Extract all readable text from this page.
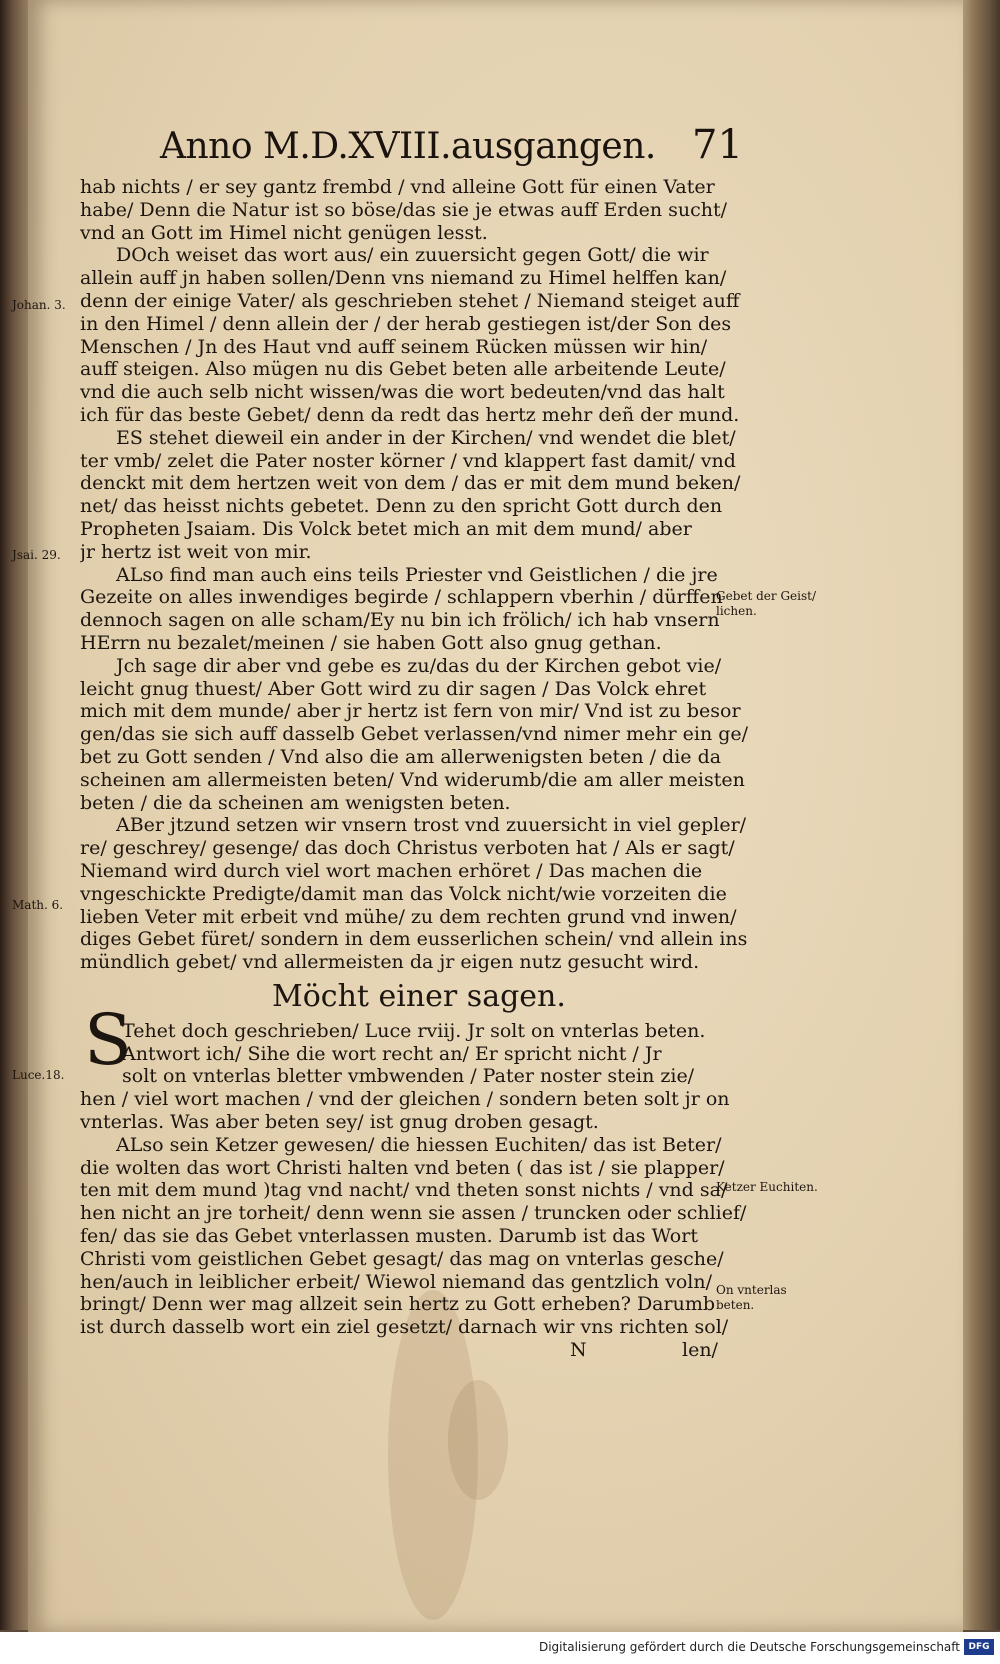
Anno M.D.XVIII.ausgangen. 71
hab nichts / er sey gantz frembd / vnd alleine Gott für einen Vater
habe/ Denn die Natur ist so böse/das sie je etwas auff Erden sucht/
vnd an Gott im Himel nicht genügen lesst.
DOch weiset das wort aus/ ein zuuersicht gegen Gott/ die wir
allein auff jn haben sollen/Denn vns niemand zu Himel helffen kan/
denn der einige Vater/ als geschrieben stehet / Niemand steiget auff
in den Himel / denn allein der / der herab gestiegen ist/der Son des
Menschen / Jn des Haut vnd auff seinem Rücken müssen wir hin/
auff steigen. Also mügen nu dis Gebet beten alle arbeitende Leute/
vnd die auch selb nicht wissen/was die wort bedeuten/vnd das halt
ich für das beste Gebet/ denn da redt das hertz mehr deñ der mund.
ES stehet dieweil ein ander in der Kirchen/ vnd wendet die blet/
ter vmb/ zelet die Pater noster körner / vnd klappert fast damit/ vnd
denckt mit dem hertzen weit von dem / das er mit dem mund beken/
net/ das heisst nichts gebetet. Denn zu den spricht Gott durch den
Propheten Jsaiam. Dis Volck betet mich an mit dem mund/ aber
jr hertz ist weit von mir.
ALso find man auch eins teils Priester vnd Geistlichen / die jre
Gezeite on alles inwendiges begirde / schlappern vberhin / dürffen
dennoch sagen on alle scham/Ey nu bin ich frölich/ ich hab vnsern
HErrn nu bezalet/meinen / sie haben Gott also gnug gethan.
Jch sage dir aber vnd gebe es zu/das du der Kirchen gebot vie/
leicht gnug thuest/ Aber Gott wird zu dir sagen / Das Volck ehret
mich mit dem munde/ aber jr hertz ist fern von mir/ Vnd ist zu besor
gen/das sie sich auff dasselb Gebet verlassen/vnd nimer mehr ein ge/
bet zu Gott senden / Vnd also die am allerwenigsten beten / die da
scheinen am allermeisten beten/ Vnd widerumb/die am aller meisten
beten / die da scheinen am wenigsten beten.
ABer jtzund setzen wir vnsern trost vnd zuuersicht in viel gepler/
re/ geschrey/ gesenge/ das doch Christus verboten hat / Als er sagt/
Niemand wird durch viel wort machen erhöret / Das machen die
vngeschickte Predigte/damit man das Volck nicht/wie vorzeiten die
lieben Veter mit erbeit vnd mühe/ zu dem rechten grund vnd inwen/
diges Gebet füret/ sondern in dem eusserlichen schein/ vnd allein ins
mündlich gebet/ vnd allermeisten da jr eigen nutz gesucht wird.
Möcht einer sagen.
Tehet doch geschrieben/ Luce rviij. Jr solt on vnterlas beten.
Antwort ich/ Sihe die wort recht an/ Er spricht nicht / Jr
solt on vnterlas bletter vmbwenden / Pater noster stein zie/
hen / viel wort machen / vnd der gleichen / sondern beten solt jr on
vnterlas. Was aber beten sey/ ist gnug droben gesagt.
ALso sein Ketzer gewesen/ die hiessen Euchiten/ das ist Beter/
die wolten das wort Christi halten vnd beten ( das ist / sie plapper/
ten mit dem mund )tag vnd nacht/ vnd theten sonst nichts / vnd sa/
hen nicht an jre torheit/ denn wenn sie assen / truncken oder schlief/
fen/ das sie das Gebet vnterlassen musten. Darumb ist das Wort
Christi vom geistlichen Gebet gesagt/ das mag on vnterlas gesche/
hen/auch in leiblicher erbeit/ Wiewol niemand das gentzlich voln/
bringt/ Denn wer mag allzeit sein hertz zu Gott erheben? Darumb
ist durch dasselb wort ein ziel gesetzt/ darnach wir vns richten sol/
N	len/
S
Johan. 3.
Jsai. 29.
Gebet der Geist/
lichen.
Math. 6.
Luce.18.
Ketzer Euchiten.
On vnterlas
beten.
Digitalisierung gefördert durch die Deutsche Forschungsgemeinschaft DFG
